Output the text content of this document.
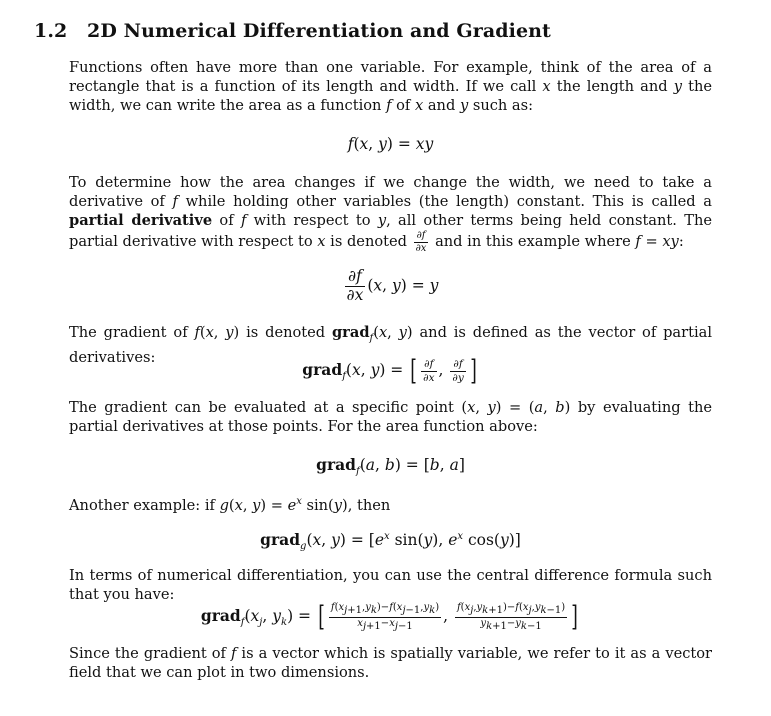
1.2 2D Numerical Differentiation and Gradient
Functions often have more than one variable. For example, think of the area of a rectangle that is a function of its length and width. If we call x the length and y the width, we can write the area as a function f of x and y such as:
f(x, y) = xy
To determine how the area changes if we change the width, we need to take a derivative of f while holding other variables (the length) constant. This is called a partial derivative of f with respect to y, all other terms being held constant. The partial derivative with respect to x is denoted $\frac{\partial f}{\partial x}$ and in this example where f = xy:
$\frac{\partial f}{\partial x} (x$, y) = y
The gradient of f(x, y) is denoted grad$_f$(x, y) and is defined as the vector of partial derivatives:
grad$_f$(x, y) = [ $\frac{\partial f}{\partial x}$ , $\frac{\partial f}{\partial y}$ ]
The gradient can be evaluated at a specific point (x, y) = (a, b) by evaluating the partial derivatives at those points. For the area function above:
grad$_f$(a, b) = [b, a]
Another example: if g(x, $y) = e^x$ sin(y), then
grad$_g$(x, $y) = [e^x$ sin(y), $e^x$ cos(y)]
In terms of numerical differentiation, you can use the central difference formula such that you have:
$grad_f(x_j$, $y_k$) = [ $\frac{f(x_{j+1},y_k)-f(x_{j-1},y_k)}{x_{j+1}-x_{j-1}}$ , $\frac{f(x_j,y_{k+1})-f(x_j,y_{k-1})}{y_{k+1}-y_{k-1}}$ ]
Since the gradient of f is a vector which is spatially variable, we refer to it as a vector field that we can plot in two dimensions.
